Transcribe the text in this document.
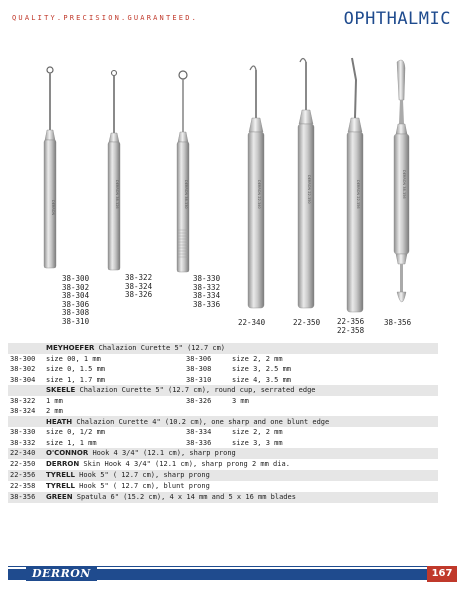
QUALITY.PRECISION.GUARANTEED.	OPHTHALMIC
DERRON	DERRON 38-326	DERRON 38-330	DERRON 22-340	DERRON 22-350	DERRON 22-356	DERRON 38-356
38-300
38-302
38-304
38-306
38-308
38-310
38-322
38-324
38-326
38-330
38-332
38-334
38-336
22-340	22-350 22-356
22-358
38-356
	MEYHOEFER Chalazion Curette 5" (12.7 cm)			
38-300	size 00, 1 mm	38-306		size 2, 2 mm
38-302	size 0, 1.5 mm	38-308		size 3, 2.5 mm
38-304	size 1, 1.7 mm	38-310		size 4, 3.5 mm
	SKEELE Chalazion Curette 5" (12.7 cm), round cup, serrated edge			
38-322	1 mm	38-326		3 mm
38-324	2 mm			
	HEATH Chalazion Curette 4" (10.2 cm), one sharp and one blunt edge			
38-330	size 0, 1/2 mm	38-334		size 2, 2 mm
38-332	size 1, 1 mm	38-336		size 3, 3 mm
22-340	O'CONNOR Hook 4 3/4" (12.1 cm), sharp prong			
22-350	DERRON Skin Hook 4 3/4" (12.1 cm), sharp prong 2 mm dia.			
22-356	TYRELL Hook 5" ( 12.7 cm), sharp prong			
22-358	TYRELL Hook 5" ( 12.7 cm), blunt prong			
38-356	GREEN Spatula 6" (15.2 cm), 4 x 14 mm and 5 x 16 mm blades			
DERRON	167
